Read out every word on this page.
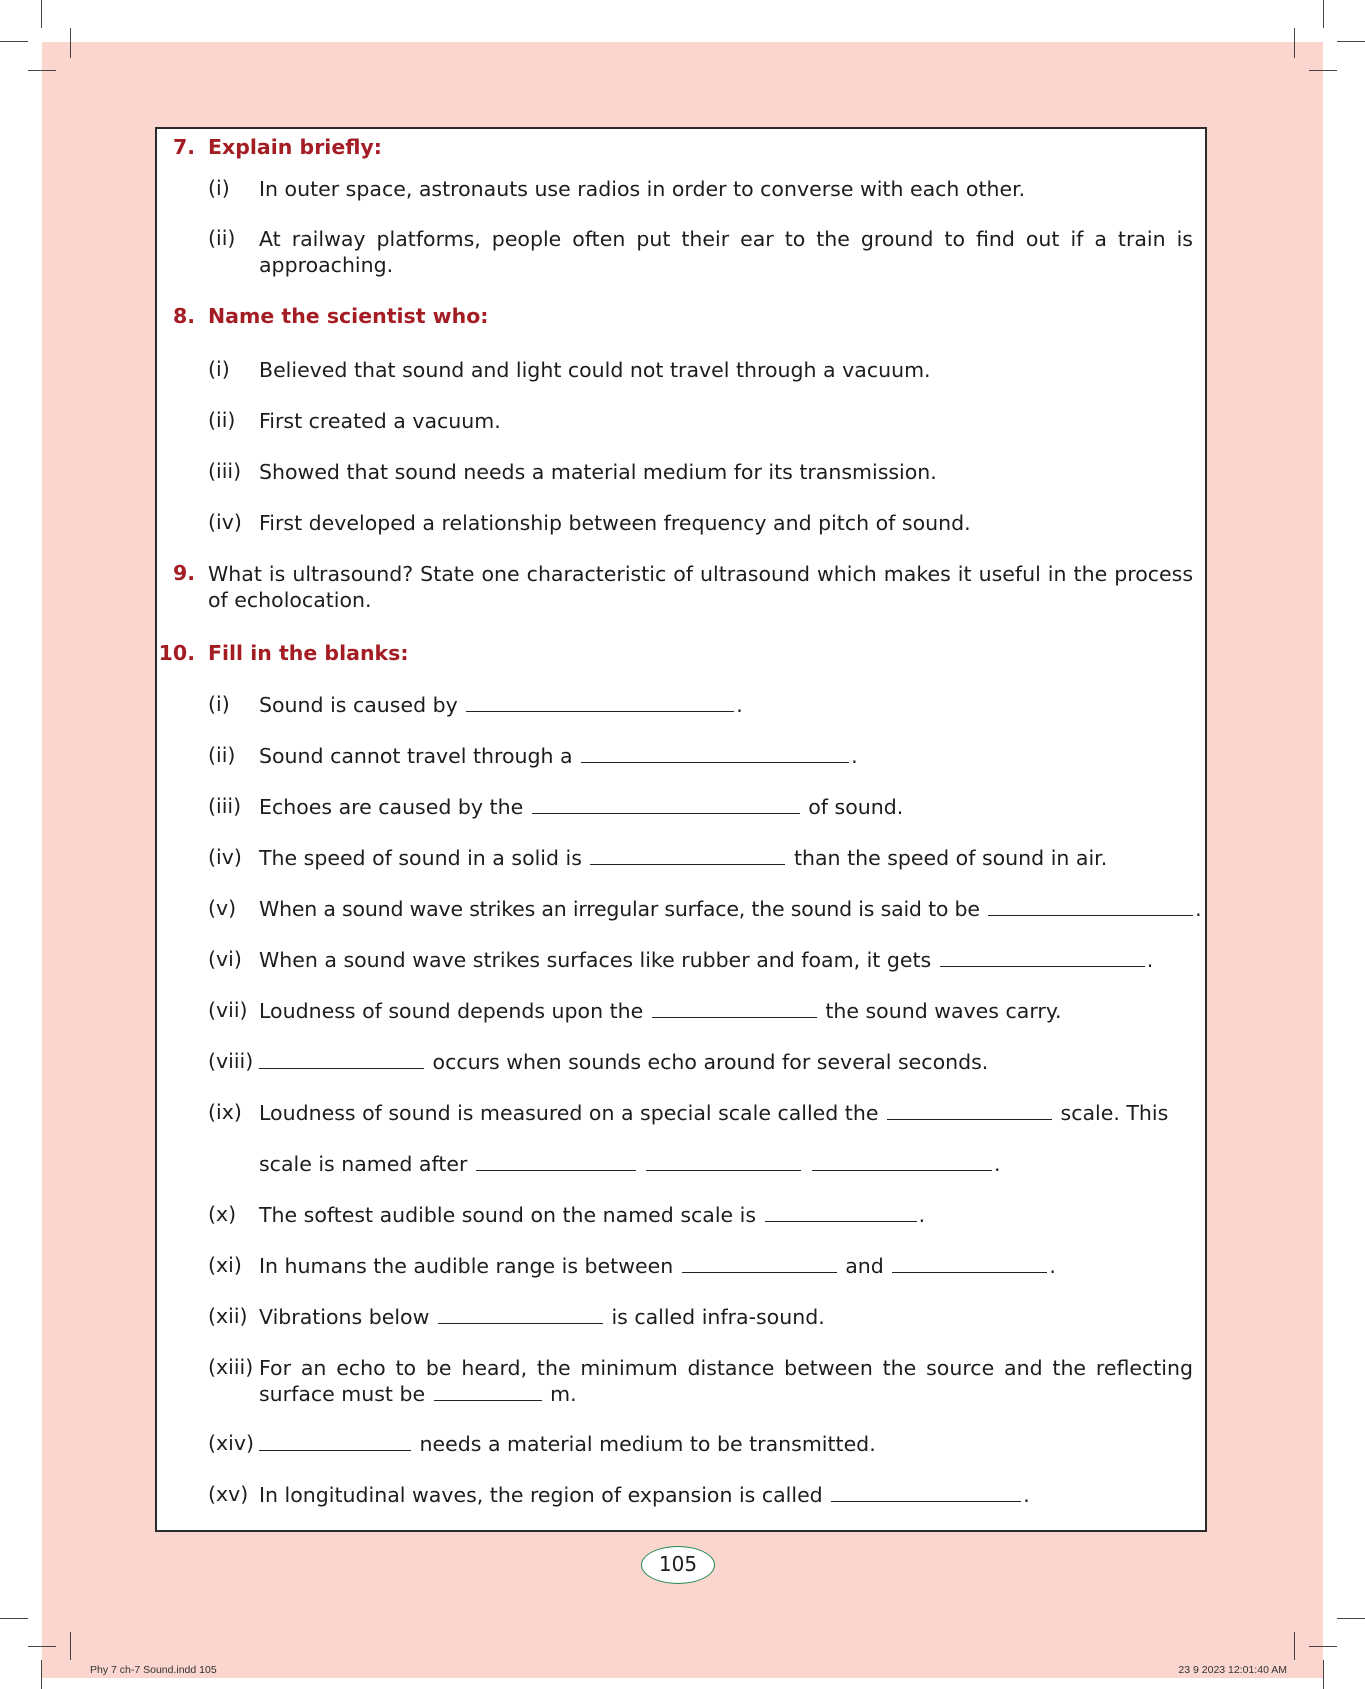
7. Explain briefly:
(i) In outer space, astronauts use radios in order to converse with each other.
(ii) At railway platforms, people often put their ear to the ground to find out if a train is approaching.
8. Name the scientist who:
(i) Believed that sound and light could not travel through a vacuum.
(ii) First created a vacuum.
(iii) Showed that sound needs a material medium for its transmission.
(iv) First developed a relationship between frequency and pitch of sound.
9. What is ultrasound? State one characteristic of ultrasound which makes it useful in the process of echolocation.
10. Fill in the blanks:
(i) Sound is caused by	.
(ii) Sound cannot travel through a	.
(iii) Echoes are caused by the	of sound.
(iv) The speed of sound in a solid is	than the speed of sound in air.
(v) When a sound wave strikes an irregular surface, the sound is said to be	.
(vi) When a sound wave strikes surfaces like rubber and foam, it gets	.
(vii) Loudness of sound depends upon the	the sound waves carry.
(viii)	occurs when sounds echo around for several seconds.
(ix) Loudness of sound is measured on a special scale called the	scale. This
scale is named after	.
(x) The softest audible sound on the named scale is	.
(xi) In humans the audible range is between	and	.
(xii) Vibrations below	is called infra-sound.
(xiii) For an echo to be heard, the minimum distance between the source and the reflecting surface must be	m.
(xiv)	needs a material medium to be transmitted.
(xv) In longitudinal waves, the region of expansion is called	.
105
Phy 7 ch-7 Sound.indd 105	23 9 2023 12:01:40 AM
